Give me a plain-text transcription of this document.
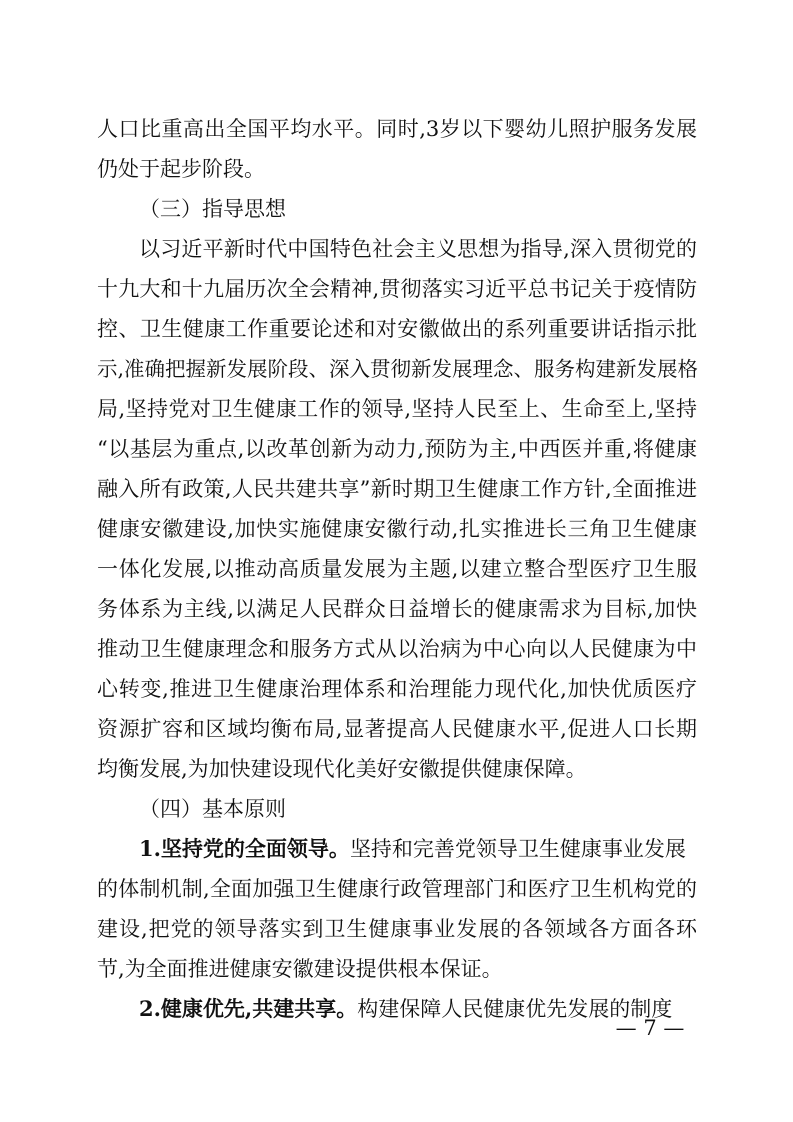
人口比重高出全国平均水平。同时,3岁以下婴幼儿照护服务发展
仍处于起步阶段。
（三）指导思想
以习近平新时代中国特色社会主义思想为指导,深入贯彻党的
十九大和十九届历次全会精神,贯彻落实习近平总书记关于疫情防
控、卫生健康工作重要论述和对安徽做出的系列重要讲话指示批
示,准确把握新发展阶段、深入贯彻新发展理念、服务构建新发展格
局,坚持党对卫生健康工作的领导,坚持人民至上、生命至上,坚持
“以基层为重点,以改革创新为动力,预防为主,中西医并重,将健康
融入所有政策,人民共建共享”新时期卫生健康工作方针,全面推进
健康安徽建设,加快实施健康安徽行动,扎实推进长三角卫生健康
一体化发展,以推动高质量发展为主题,以建立整合型医疗卫生服
务体系为主线,以满足人民群众日益增长的健康需求为目标,加快
推动卫生健康理念和服务方式从以治病为中心向以人民健康为中
心转变,推进卫生健康治理体系和治理能力现代化,加快优质医疗
资源扩容和区域均衡布局,显著提高人民健康水平,促进人口长期
均衡发展,为加快建设现代化美好安徽提供健康保障。
（四）基本原则
1.坚持党的全面领导。坚持和完善党领导卫生健康事业发展
的体制机制,全面加强卫生健康行政管理部门和医疗卫生机构党的
建设,把党的领导落实到卫生健康事业发展的各领域各方面各环
节,为全面推进健康安徽建设提供根本保证。
2.健康优先,共建共享。构建保障人民健康优先发展的制度
— 7 —
